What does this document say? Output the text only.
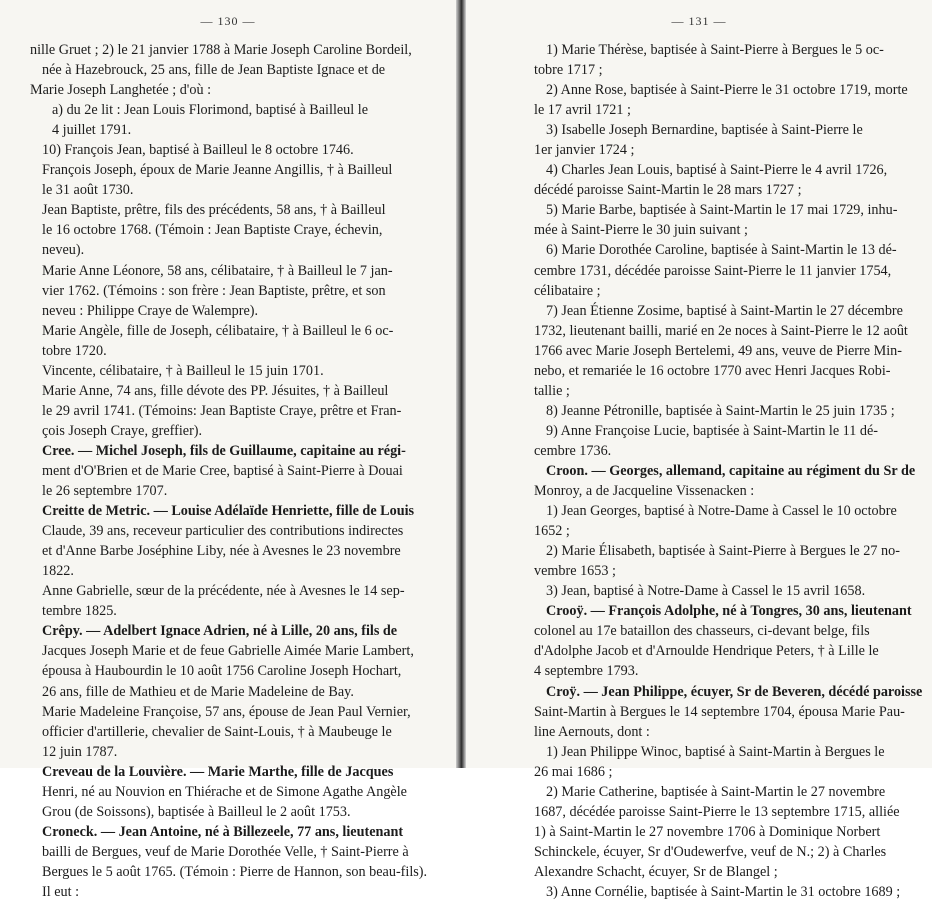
— 130 —
nille Gruet ; 2) le 21 janvier 1788 à Marie Joseph Caroline Bordeil,
née à Hazebrouck, 25 ans, fille de Jean Baptiste Ignace et de
Marie Joseph Langhetée ; d'où :
a) du 2e lit : Jean Louis Florimond, baptisé à Bailleul le
4 juillet 1791.
10) François Jean, baptisé à Bailleul le 8 octobre 1746.
François Joseph, époux de Marie Jeanne Angillis, † à Bailleul
le 31 août 1730.
Jean Baptiste, prêtre, fils des précédents, 58 ans, † à Bailleul
le 16 octobre 1768. (Témoin : Jean Baptiste Craye, échevin,
neveu).
Marie Anne Léonore, 58 ans, célibataire, † à Bailleul le 7 jan-
vier 1762. (Témoins : son frère : Jean Baptiste, prêtre, et son
neveu : Philippe Craye de Walempre).
Marie Angèle, fille de Joseph, célibataire, † à Bailleul le 6 oc-
tobre 1720.
Vincente, célibataire, † à Bailleul le 15 juin 1701.
Marie Anne, 74 ans, fille dévote des PP. Jésuites, † à Bailleul
le 29 avril 1741. (Témoins: Jean Baptiste Craye, prêtre et Fran-
çois Joseph Craye, greffier).
Cree. — Michel Joseph, fils de Guillaume, capitaine au régi-
ment d'O'Brien et de Marie Cree, baptisé à Saint-Pierre à Douai
le 26 septembre 1707.
Creitte de Metric. — Louise Adélaïde Henriette, fille de Louis
Claude, 39 ans, receveur particulier des contributions indirectes
et d'Anne Barbe Joséphine Liby, née à Avesnes le 23 novembre
1822.
Anne Gabrielle, sœur de la précédente, née à Avesnes le 14 sep-
tembre 1825.
Crêpy. — Adelbert Ignace Adrien, né à Lille, 20 ans, fils de
Jacques Joseph Marie et de feue Gabrielle Aimée Marie Lambert,
épousa à Haubourdin le 10 août 1756 Caroline Joseph Hochart,
26 ans, fille de Mathieu et de Marie Madeleine de Bay.
Marie Madeleine Françoise, 57 ans, épouse de Jean Paul Vernier,
officier d'artillerie, chevalier de Saint-Louis, † à Maubeuge le
12 juin 1787.
Creveau de la Louvière. — Marie Marthe, fille de Jacques
Henri, né au Nouvion en Thiérache et de Simone Agathe Angèle
Grou (de Soissons), baptisée à Bailleul le 2 août 1753.
Croneck. — Jean Antoine, né à Billezeele, 77 ans, lieutenant
bailli de Bergues, veuf de Marie Dorothée Velle, † Saint-Pierre à
Bergues le 5 août 1765. (Témoin : Pierre de Hannon, son beau-fils).
Il eut :
— 131 —
1) Marie Thérèse, baptisée à Saint-Pierre à Bergues le 5 oc-
tobre 1717 ;
2) Anne Rose, baptisée à Saint-Pierre le 31 octobre 1719, morte
le 17 avril 1721 ;
3) Isabelle Joseph Bernardine, baptisée à Saint-Pierre le
1er janvier 1724 ;
4) Charles Jean Louis, baptisé à Saint-Pierre le 4 avril 1726,
décédé paroisse Saint-Martin le 28 mars 1727 ;
5) Marie Barbe, baptisée à Saint-Martin le 17 mai 1729, inhu-
mée à Saint-Pierre le 30 juin suivant ;
6) Marie Dorothée Caroline, baptisée à Saint-Martin le 13 dé-
cembre 1731, décédée paroisse Saint-Pierre le 11 janvier 1754,
célibataire ;
7) Jean Étienne Zosime, baptisé à Saint-Martin le 27 décembre
1732, lieutenant bailli, marié en 2e noces à Saint-Pierre le 12 août
1766 avec Marie Joseph Bertelemi, 49 ans, veuve de Pierre Min-
nebo, et remariée le 16 octobre 1770 avec Henri Jacques Robi-
tallie ;
8) Jeanne Pétronille, baptisée à Saint-Martin le 25 juin 1735 ;
9) Anne Françoise Lucie, baptisée à Saint-Martin le 11 dé-
cembre 1736.
Croon. — Georges, allemand, capitaine au régiment du Sr de
Monroy, a de Jacqueline Vissenacken :
1) Jean Georges, baptisé à Notre-Dame à Cassel le 10 octobre
1652 ;
2) Marie Élisabeth, baptisée à Saint-Pierre à Bergues le 27 no-
vembre 1653 ;
3) Jean, baptisé à Notre-Dame à Cassel le 15 avril 1658.
Crooÿ. — François Adolphe, né à Tongres, 30 ans, lieutenant
colonel au 17e bataillon des chasseurs, ci-devant belge, fils
d'Adolphe Jacob et d'Arnoulde Hendrique Peters, † à Lille le
4 septembre 1793.
Croÿ. — Jean Philippe, écuyer, Sr de Beveren, décédé paroisse
Saint-Martin à Bergues le 14 septembre 1704, épousa Marie Pau-
line Aernouts, dont :
1) Jean Philippe Winoc, baptisé à Saint-Martin à Bergues le
26 mai 1686 ;
2) Marie Catherine, baptisée à Saint-Martin le 27 novembre
1687, décédée paroisse Saint-Pierre le 13 septembre 1715, alliée
1) à Saint-Martin le 27 novembre 1706 à Dominique Norbert
Schinckele, écuyer, Sr d'Oudewerfve, veuf de N.; 2) à Charles
Alexandre Schacht, écuyer, Sr de Blangel ;
3) Anne Cornélie, baptisée à Saint-Martin le 31 octobre 1689 ;
